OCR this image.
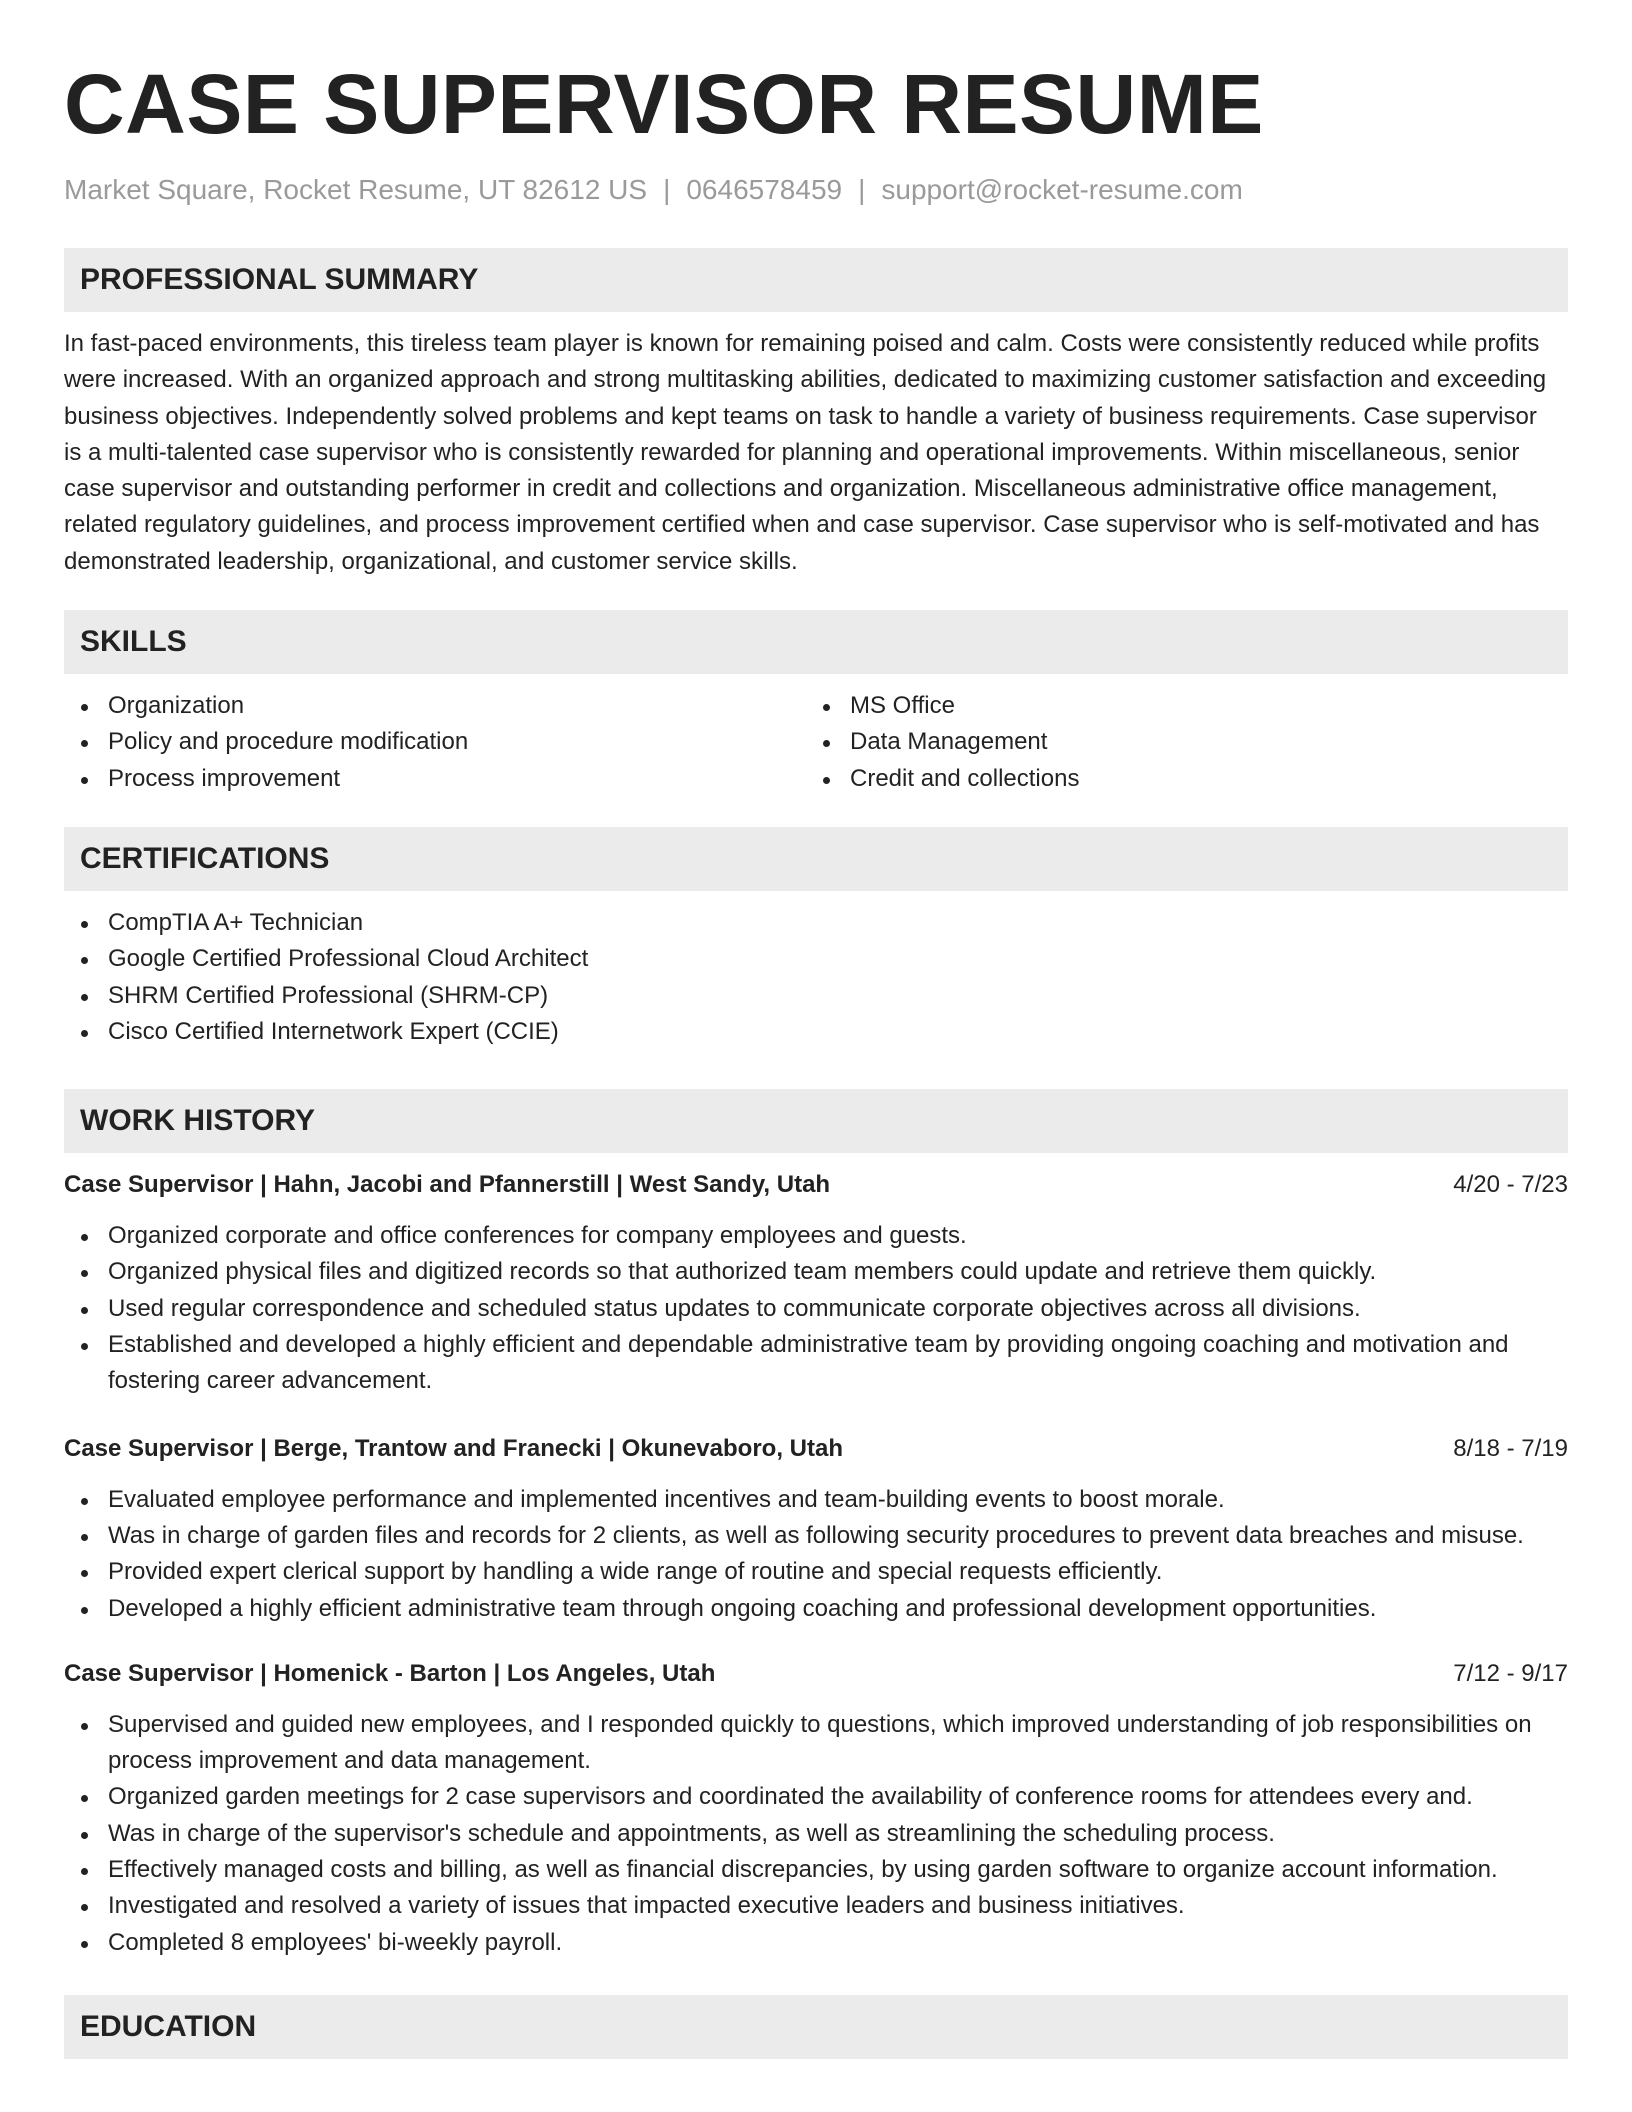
CASE SUPERVISOR RESUME
Market Square, Rocket Resume, UT 82612 US | 0646578459 | support@rocket-resume.com
PROFESSIONAL SUMMARY

In fast-paced environments, this tireless team player is known for remaining poised and calm. Costs were consistently reduced while profits were increased. With an organized approach and strong multitasking abilities, dedicated to maximizing customer satisfaction and exceeding business objectives. Independently solved problems and kept teams on task to handle a variety of business requirements. Case supervisor is a multi-talented case supervisor who is consistently rewarded for planning and operational improvements. Within miscellaneous, senior case supervisor and outstanding performer in credit and collections and organization. Miscellaneous administrative office management, related regulatory guidelines, and process improvement certified when and case supervisor. Case supervisor who is self-motivated and has demonstrated leadership, organizational, and customer service skills.

SKILLS
Organization
Policy and procedure modification
Process improvement
MS Office
Data Management
Credit and collections
CERTIFICATIONS
CompTIA A+ Technician
Google Certified Professional Cloud Architect
SHRM Certified Professional (SHRM-CP)
Cisco Certified Internetwork Expert (CCIE)
WORK HISTORY
Case Supervisor | Hahn, Jacobi and Pfannerstill | West Sandy, Utah	4/20 - 7/23
Organized corporate and office conferences for company employees and guests.
Organized physical files and digitized records so that authorized team members could update and retrieve them quickly.
Used regular correspondence and scheduled status updates to communicate corporate objectives across all divisions.
Established and developed a highly efficient and dependable administrative team by providing ongoing coaching and motivation and fostering career advancement.
Case Supervisor | Berge, Trantow and Franecki | Okunevaboro, Utah	8/18 - 7/19
Evaluated employee performance and implemented incentives and team-building events to boost morale.
Was in charge of garden files and records for 2 clients, as well as following security procedures to prevent data breaches and misuse.
Provided expert clerical support by handling a wide range of routine and special requests efficiently.
Developed a highly efficient administrative team through ongoing coaching and professional development opportunities.
Case Supervisor | Homenick - Barton | Los Angeles, Utah	7/12 - 9/17
Supervised and guided new employees, and I responded quickly to questions, which improved understanding of job responsibilities on process improvement and data management.
Organized garden meetings for 2 case supervisors and coordinated the availability of conference rooms for attendees every and.
Was in charge of the supervisor's schedule and appointments, as well as streamlining the scheduling process.
Effectively managed costs and billing, as well as financial discrepancies, by using garden software to organize account information.
Investigated and resolved a variety of issues that impacted executive leaders and business initiatives.
Completed 8 employees' bi-weekly payroll.
EDUCATION
